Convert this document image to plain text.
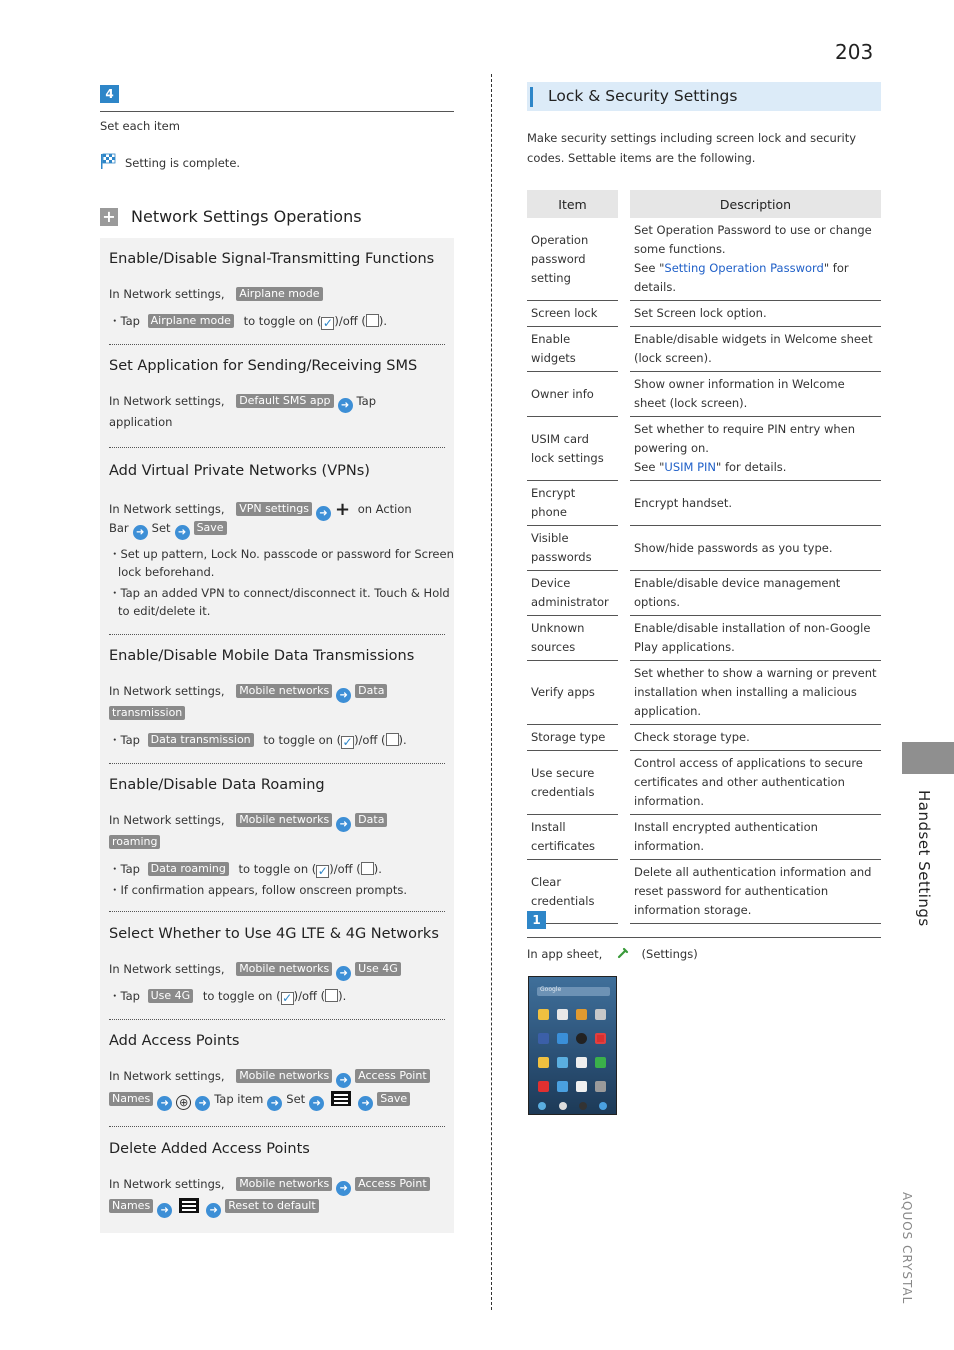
203
4
Set each item
Setting is complete.
+ Network Settings Operations
Enable/Disable Signal-Transmitting Functions
In Network settings, Airplane mode
・Tap Airplane mode to toggle on (✓)/off ( ).
Set Application for Sending/Receiving SMS
In Network settings, Default SMS app ➜ Tap
application
Add Virtual Private Networks (VPNs)
In Network settings, VPN settings ➜ + on Action
Bar ➜ Set ➜ Save
・Set up pattern, Lock No. passcode or password for Screen
lock beforehand.
・Tap an added VPN to connect/disconnect it. Touch & Hold
to edit/delete it.
Enable/Disable Mobile Data Transmissions
In Network settings, Mobile networks ➜ Data
transmission
・Tap Data transmission to toggle on (✓)/off ( ).
Enable/Disable Data Roaming
In Network settings, Mobile networks ➜ Data
roaming
・Tap Data roaming to toggle on (✓)/off ( ).
・If confirmation appears, follow onscreen prompts.
Select Whether to Use 4G LTE & 4G Networks
In Network settings, Mobile networks ➜ Use 4G
・Tap Use 4G to toggle on (✓)/off ( ).
Add Access Points
In Network settings, Mobile networks ➜ Access Point
Names ➜ ⊕ ➜ Tap item ➜ Set ➜	➜ Save
Delete Added Access Points
In Network settings, Mobile networks ➜ Access Point
Names ➜	➜ Reset to default
Lock & Security Settings
Make security settings including screen lock and security
codes. Settable items are the following.
Item		Description
Operation password setting		Set Operation Password to use or change some functions.
See "Setting Operation Password" for details.
Screen lock		Set Screen lock option.
Enable widgets		Enable/disable widgets in Welcome sheet (lock screen).
Owner info		Show owner information in Welcome sheet (lock screen).
USIM card lock settings		Set whether to require PIN entry when powering on.
See "USIM PIN" for details.
Encrypt phone		Encrypt handset.
Visible passwords		Show/hide passwords as you type.
Device administrator		Enable/disable device management options.
Unknown sources		Enable/disable installation of non-Google Play applications.
Verify apps		Set whether to show a warning or prevent installation when installing a malicious application.
Storage type		Check storage type.
Use secure credentials		Control access of applications to secure certificates and other authentication information.
Install certificates		Install encrypted authentication information.
Clear credentials		Delete all authentication information and reset password for authentication information storage.
1
In app sheet,	(Settings)
Google
Handset Settings
AQUOS CRYSTAL
